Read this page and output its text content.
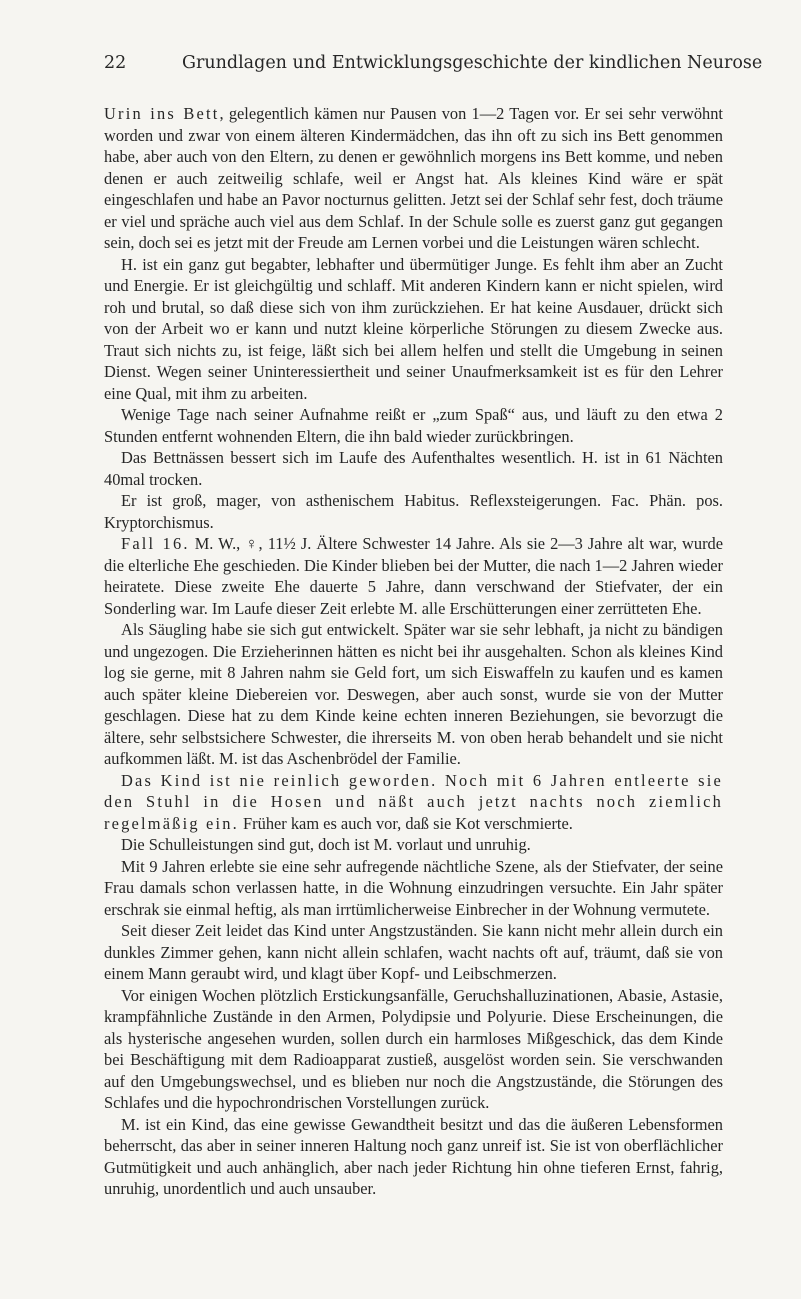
22	Grundlagen und Entwicklungsgeschichte der kindlichen Neurose

Urin ins Bett, gelegentlich kämen nur Pausen von 1—2 Tagen vor. Er sei sehr verwöhnt worden und zwar von einem älteren Kindermädchen, das ihn oft zu sich ins Bett genommen habe, aber auch von den Eltern, zu denen er gewöhnlich morgens ins Bett komme, und neben denen er auch zeitweilig schlafe, weil er Angst hat. Als kleines Kind wäre er spät eingeschlafen und habe an Pavor nocturnus gelitten. Jetzt sei der Schlaf sehr fest, doch träume er viel und spräche auch viel aus dem Schlaf. In der Schule solle es zuerst ganz gut gegangen sein, doch sei es jetzt mit der Freude am Lernen vorbei und die Leistungen wären schlecht.

H. ist ein ganz gut begabter, lebhafter und übermütiger Junge. Es fehlt ihm aber an Zucht und Energie. Er ist gleichgültig und schlaff. Mit anderen Kindern kann er nicht spielen, wird roh und brutal, so daß diese sich von ihm zurückziehen. Er hat keine Ausdauer, drückt sich von der Arbeit wo er kann und nutzt kleine körperliche Störungen zu diesem Zwecke aus. Traut sich nichts zu, ist feige, läßt sich bei allem helfen und stellt die Umgebung in seinen Dienst. Wegen seiner Uninteressiertheit und seiner Unaufmerksamkeit ist es für den Lehrer eine Qual, mit ihm zu arbeiten.

Wenige Tage nach seiner Aufnahme reißt er „zum Spaß“ aus, und läuft zu den etwa 2 Stunden entfernt wohnenden Eltern, die ihn bald wieder zurückbringen.

Das Bettnässen bessert sich im Laufe des Aufenthaltes wesentlich. H. ist in 61 Nächten 40mal trocken.

Er ist groß, mager, von asthenischem Habitus. Reflexsteigerungen. Fac. Phän. pos. Kryptorchismus.

Fall 16. M. W., ♀, 11½ J. Ältere Schwester 14 Jahre. Als sie 2—3 Jahre alt war, wurde die elterliche Ehe geschieden. Die Kinder blieben bei der Mutter, die nach 1—2 Jahren wieder heiratete. Diese zweite Ehe dauerte 5 Jahre, dann verschwand der Stiefvater, der ein Sonderling war. Im Laufe dieser Zeit erlebte M. alle Erschütterungen einer zerrütteten Ehe.

Als Säugling habe sie sich gut entwickelt. Später war sie sehr lebhaft, ja nicht zu bändigen und ungezogen. Die Erzieherinnen hätten es nicht bei ihr ausgehalten. Schon als kleines Kind log sie gerne, mit 8 Jahren nahm sie Geld fort, um sich Eiswaffeln zu kaufen und es kamen auch später kleine Diebereien vor. Deswegen, aber auch sonst, wurde sie von der Mutter geschlagen. Diese hat zu dem Kinde keine echten inneren Beziehungen, sie bevorzugt die ältere, sehr selbstsichere Schwester, die ihrerseits M. von oben herab behandelt und sie nicht aufkommen läßt. M. ist das Aschenbrödel der Familie.

Das Kind ist nie reinlich geworden. Noch mit 6 Jahren entleerte sie den Stuhl in die Hosen und näßt auch jetzt nachts noch ziemlich regelmäßig ein. Früher kam es auch vor, daß sie Kot verschmierte.

Die Schulleistungen sind gut, doch ist M. vorlaut und unruhig.

Mit 9 Jahren erlebte sie eine sehr aufregende nächtliche Szene, als der Stiefvater, der seine Frau damals schon verlassen hatte, in die Wohnung einzudringen versuchte. Ein Jahr später erschrak sie einmal heftig, als man irrtümlicherweise Einbrecher in der Wohnung vermutete.

Seit dieser Zeit leidet das Kind unter Angstzuständen. Sie kann nicht mehr allein durch ein dunkles Zimmer gehen, kann nicht allein schlafen, wacht nachts oft auf, träumt, daß sie von einem Mann geraubt wird, und klagt über Kopf- und Leibschmerzen.

Vor einigen Wochen plötzlich Erstickungsanfälle, Geruchshalluzinationen, Abasie, Astasie, krampfähnliche Zustände in den Armen, Polydipsie und Polyurie. Diese Erscheinungen, die als hysterische angesehen wurden, sollen durch ein harmloses Mißgeschick, das dem Kinde bei Beschäftigung mit dem Radioapparat zustieß, ausgelöst worden sein. Sie verschwanden auf den Umgebungswechsel, und es blieben nur noch die Angstzustände, die Störungen des Schlafes und die hypochrondrischen Vorstellungen zurück.

M. ist ein Kind, das eine gewisse Gewandtheit besitzt und das die äußeren Lebensformen beherrscht, das aber in seiner inneren Haltung noch ganz unreif ist. Sie ist von oberflächlicher Gutmütigkeit und auch anhänglich, aber nach jeder Richtung hin ohne tieferen Ernst, fahrig, unruhig, unordentlich und auch unsauber.
